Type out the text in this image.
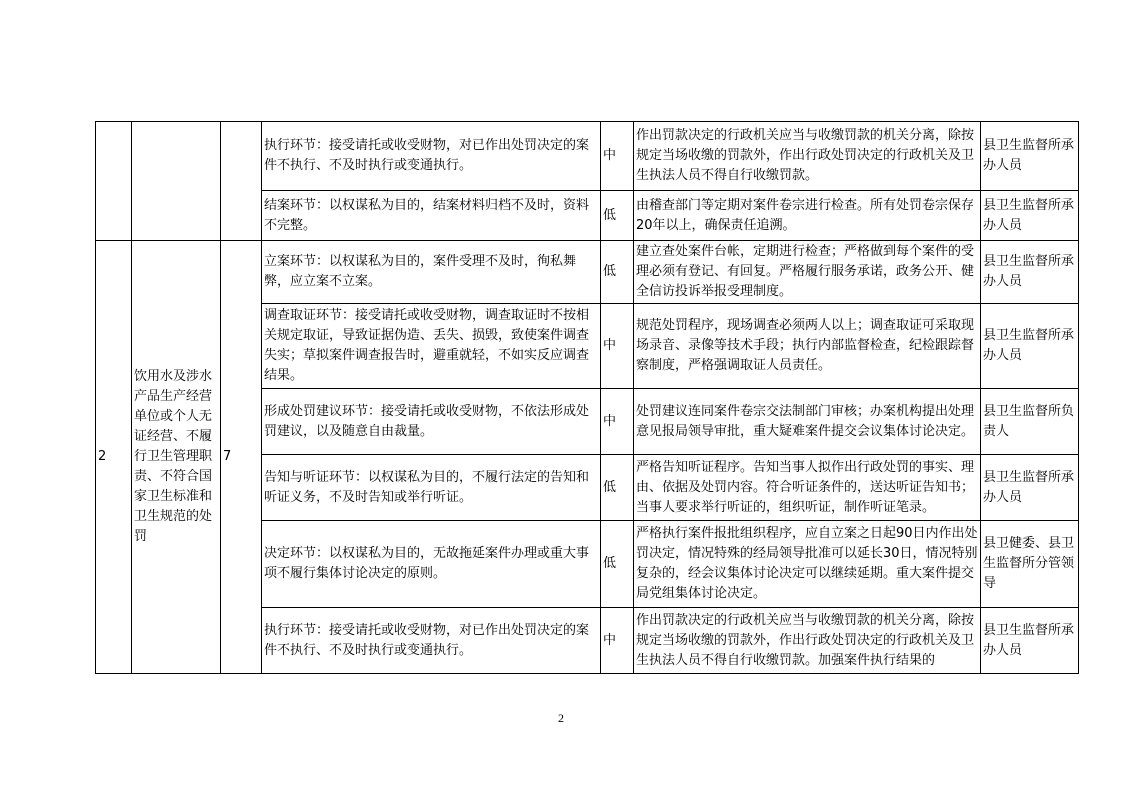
			执行环节：接受请托或收受财物，对已作出处罚决定的案件不执行、不及时执行或变通执行。	中	作出罚款决定的行政机关应当与收缴罚款的机关分离，除按规定当场收缴的罚款外，作出行政处罚决定的行政机关及卫生执法人员不得自行收缴罚款。	县卫生监督所承办人员
			结案环节：以权谋私为目的，结案材料归档不及时，资料不完整。	低	由稽查部门等定期对案件卷宗进行检查。所有处罚卷宗保存20年以上，确保责任追溯。	县卫生监督所承办人员
2	饮用水及涉水产品生产经营单位或个人无证经营、不履行卫生管理职责、不符合国家卫生标准和卫生规范的处罚	7	立案环节：以权谋私为目的，案件受理不及时，徇私舞弊，应立案不立案。	低	建立查处案件台帐，定期进行检查；严格做到每个案件的受理必须有登记、有回复。严格履行服务承诺，政务公开、健全信访投诉举报受理制度。	县卫生监督所承办人员
			调查取证环节：接受请托或收受财物，调查取证时不按相关规定取证，导致证据伪造、丢失、损毁，致使案件调查失实；草拟案件调查报告时，避重就轻，不如实反应调查结果。	中	规范处罚程序，现场调查必须两人以上；调查取证可采取现场录音、录像等技术手段；执行内部监督检查，纪检跟踪督察制度，严格强调取证人员责任。	县卫生监督所承办人员
			形成处罚建议环节：接受请托或收受财物，不依法形成处罚建议，以及随意自由裁量。	中	处罚建议连同案件卷宗交法制部门审核；办案机构提出处理意见报局领导审批，重大疑难案件提交会议集体讨论决定。	县卫生监督所负责人
			告知与听证环节：以权谋私为目的，不履行法定的告知和听证义务，不及时告知或举行听证。	低	严格告知听证程序。告知当事人拟作出行政处罚的事实、理由、依据及处罚内容。符合听证条件的，送达听证告知书；当事人要求举行听证的，组织听证，制作听证笔录。	县卫生监督所承办人员
			决定环节：以权谋私为目的，无故拖延案件办理或重大事项不履行集体讨论决定的原则。	低	严格执行案件报批组织程序，应自立案之日起90日内作出处罚决定，情况特殊的经局领导批准可以延长30日，情况特别复杂的，经会议集体讨论决定可以继续延期。重大案件提交局党组集体讨论决定。	县卫健委、县卫生监督所分管领导
			执行环节：接受请托或收受财物，对已作出处罚决定的案件不执行、不及时执行或变通执行。	中	作出罚款决定的行政机关应当与收缴罚款的机关分离，除按规定当场收缴的罚款外，作出行政处罚决定的行政机关及卫生执法人员不得自行收缴罚款。加强案件执行结果的	县卫生监督所承办人员
2
